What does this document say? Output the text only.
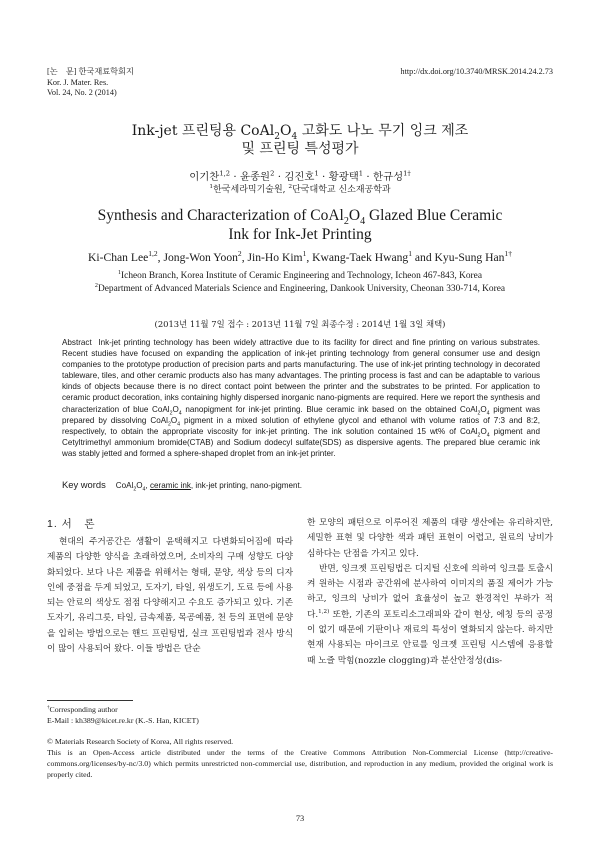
[논　문] 한국재료학회지
Kor. J. Mater. Res.
Vol. 24, No. 2 (2014)
http://dx.doi.org/10.3740/MRSK.2014.24.2.73
Ink-jet 프린팅용 $CoAl_2O_4$ 고화도 나노 무기 잉크 제조
및 프린팅 특성평가
이기찬$^{1,2}$ · 윤종원$^2$ · 김진호$^1$ · 황광택$^1$ · 한규성$^{1\dagger}$
$^1$한국세라믹기술원, $^2$단국대학교 신소재공학과
Synthesis and Characterization of $CoAl_2O_4$ Glazed Blue Ceramic
Ink for Ink-Jet Printing
Ki-Chan Lee$^{1,2}$, Jong-Won Yoon$^2$, Jin-Ho Kim$^1$, Kwang-Taek Hwang$^1$ and Kyu-Sung Han$^{1\dagger}$
$^1$Icheon Branch, Korea Institute of Ceramic Engineering and Technology, Icheon 467-843, Korea
$^2$Department of Advanced Materials Science and Engineering, Dankook University, Cheonan 330-714, Korea
(2013년 11월 7일 접수 : 2013년 11월 7일 최종수정 : 2014년 1월 3일 채택)
Abstract Ink-jet printing technology has been widely attractive due to its facility for direct and fine printing on various substrates. Recent studies have focused on expanding the application of ink-jet printing technology from general consumer use and design companies to the prototype production of precision parts and parts manufacturing. The use of ink-jet printing technology in decorated tableware, tiles, and other ceramic products also has many advantages. The printing process is fast and can be adaptable to various kinds of objects because there is no direct contact point between the printer and the substrates to be printed. For application to ceramic product decoration, inks containing highly dispersed inorganic nano-pigments are required. Here we report the synthesis and characterization of blue $CoAl_2O_4$ nanopigment for ink-jet printing. Blue ceramic ink based on the obtained $CoAl_2O_4$ pigment was prepared by dissolving $CoAl_2O_4$ pigment in a mixed solution of ethylene glycol and ethanol with volume ratios of 7:3 and 8:2, respectively, to obtain the appropriate viscosity for ink-jet printing. The ink solution contained 15 wt% of $CoAl_2O_4$ pigment and Cetyltrimethyl ammonium bromide(CTAB) and Sodium dodecyl sulfate(SDS) as dispersive agents. The prepared blue ceramic ink was stably jetted and formed a sphere-shaped droplet from an ink-jet printer.
Key words $CoAl_2O_4$, ceramic ink, ink-jet printing, nano-pigment.
1. 서　론

현대의 주거공간은 생활이 윤택해지고 다변화되어짐에 따라 제품의 다양한 양식을 초래하였으며, 소비자의 구매 성향도 다양화되었다. 보다 나은 제품을 위해서는 형태, 문양, 색상 등의 디자인에 중점을 두게 되었고, 도자기, 타일, 위생도기, 도료 등에 사용되는 안료의 색상도 점점 다양해지고 수요도 증가되고 있다. 기존 도자기, 유리그릇, 타일, 금속제품, 목공예품, 천 등의 표면에 문양을 입히는 방법으로는 핸드 프린팅법, 실크 프린팅법과 전사 방식이 많이 사용되어 왔다. 이들 방법은 단순

한 모양의 패턴으로 이루어진 제품의 대량 생산에는 유리하지만, 세밀한 표현 및 다양한 색과 패턴 표현이 어렵고, 원료의 낭비가 심하다는 단점을 가지고 있다.

반면, 잉크젯 프린팅법은 디지털 신호에 의하여 잉크를 토출시켜 원하는 시점과 공간위에 분사하여 이미지의 품질 제어가 가능하고, 잉크의 낭비가 없어 효율성이 높고 환경적인 부하가 적다.$^{1,2)}$ 또한, 기존의 포토리소그래피와 같이 현상, 에칭 등의 공정이 없기 때문에 기판이나 재료의 특성이 열화되지 않는다. 하지만 현재 사용되는 마이크로 안료를 잉크젯 프린팅 시스템에 응용할 때 노즐 막힘(nozzle clogging)과 분산안정성(dis-

†Corresponding author
E-Mail : kh389@kicet.re.kr (K.-S. Han, KICET)
© Materials Research Society of Korea, All rights reserved.
This is an Open-Access article distributed under the terms of the Creative Commons Attribution Non-Commercial License (http://creative-commons.org/licenses/by-nc/3.0) which permits unrestricted non-commercial use, distribution, and reproduction in any medium, provided the original work is properly cited.
73
